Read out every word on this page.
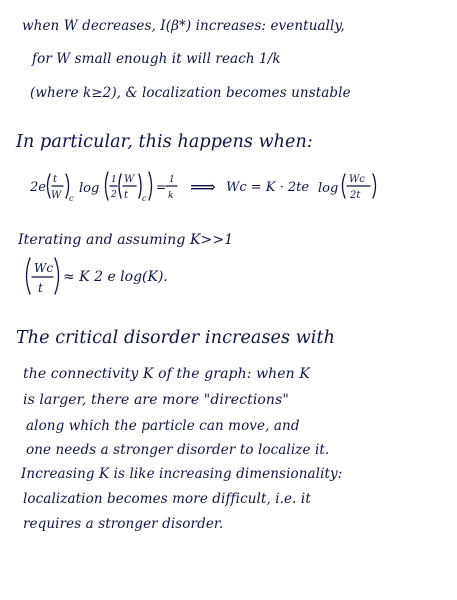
when W decreases, I(β*) increases: eventually,
for W small enough it will reach 1/k
(where k≥2), & localization becomes unstable
In particular, this happens when:
2e
t
W c
log
1
2
W
t c
= 1
k ⟹ Wc = K · 2te log
Wc
2t
Iterating and assuming K>>1
Wc
t
≈ K 2 e log(K).
The critical disorder increases with
the connectivity K of the graph: when K
is larger, there are more "directions"
along which the particle can move, and
one needs a stronger disorder to localize it.
Increasing K is like increasing dimensionality:
localization becomes more difficult, i.e. it
requires a stronger disorder.
